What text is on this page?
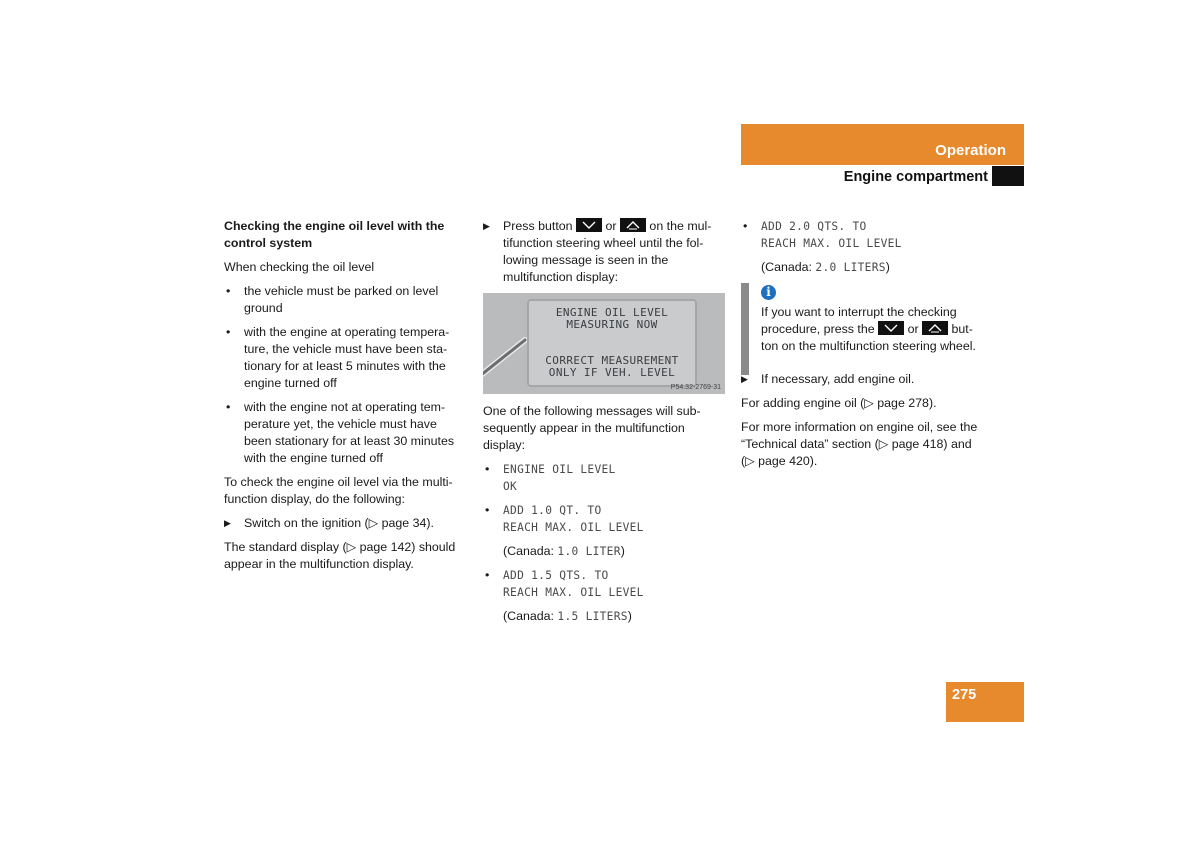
Operation
Engine compartment

Checking the engine oil level with the control system

When checking the oil level

• the vehicle must be parked on level ground
• with the engine at operating tempera-ture, the vehicle must have been sta-tionary for at least 5 minutes with the engine turned off
• with the engine not at operating tem-perature yet, the vehicle must have been stationary for at least 30 minutes with the engine turned off

To check the engine oil level via the multi-function display, do the following:

▶ Switch on the ignition (▷ page 34).

The standard display (▷ page 142) should appear in the multifunction display.

▶ Press button	or	on the mul-tifunction steering wheel until the fol-lowing message is seen in the multifunction display:
ENGINE OIL LEVEL
MEASURING NOW
CORRECT MEASUREMENT
ONLY IF VEH. LEVEL
P54.32-2769-31

One of the following messages will sub-sequently appear in the multifunction display:

• ENGINE OIL LEVEL
OK
• ADD 1.0 QT. TO
REACH MAX. OIL LEVEL
(Canada: 1.0 LITER)
• ADD 1.5 QTS. TO
REACH MAX. OIL LEVEL
(Canada: 1.5 LITERS)
• ADD 2.0 QTS. TO
REACH MAX. OIL LEVEL
(Canada: 2.0 LITERS)
i
If you want to interrupt the checking procedure, press the	or	but-ton on the multifunction steering wheel.
▶ If necessary, add engine oil.

For adding engine oil (▷ page 278).

For more information on engine oil, see the “Technical data” section (▷ page 418) and (▷ page 420).

275
